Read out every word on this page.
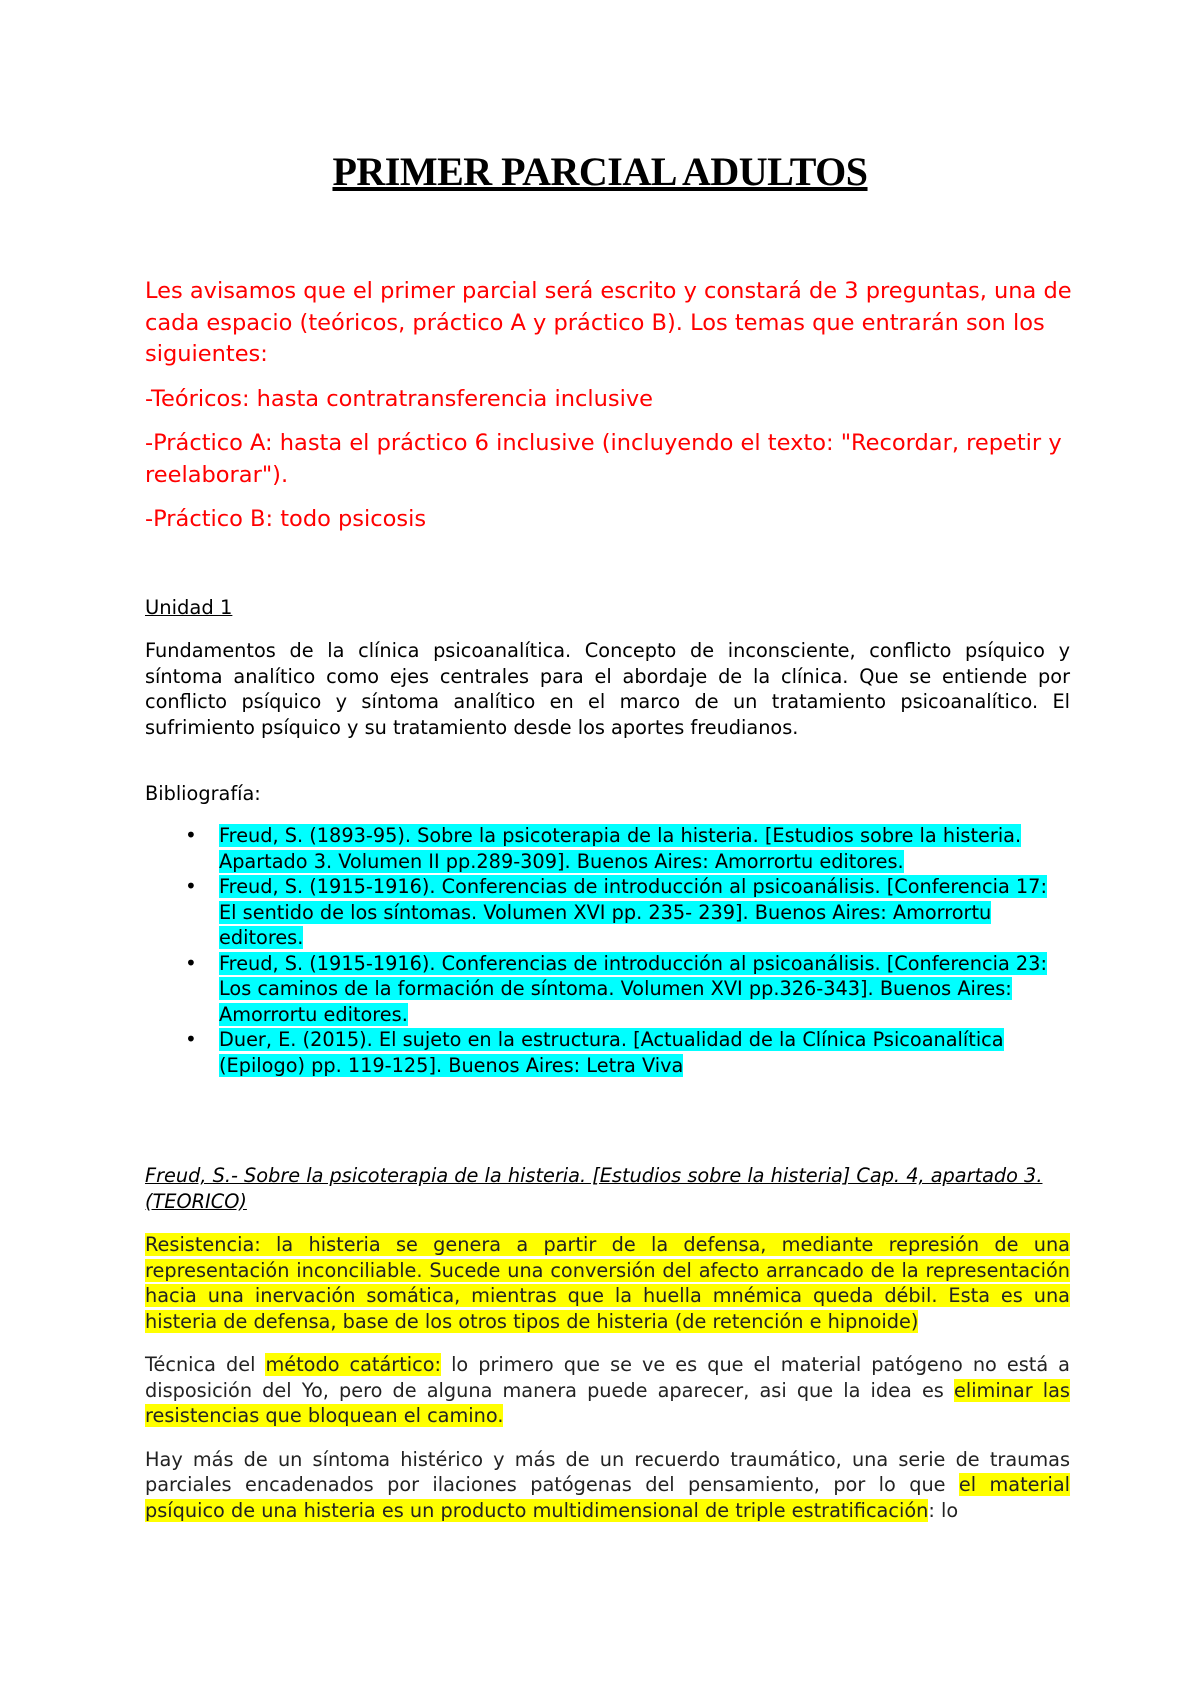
PRIMER PARCIAL ADULTOS

Les avisamos que el primer parcial será escrito y constará de 3 preguntas, una de cada espacio (teóricos, práctico A y práctico B). Los temas que entrarán son los siguientes:

-Teóricos: hasta contratransferencia inclusive

-Práctico A: hasta el práctico 6 inclusive (incluyendo el texto: "Recordar, repetir y reelaborar").

-Práctico B: todo psicosis

Unidad 1
Fundamentos de la clínica psicoanalítica. Concepto de inconsciente, conflicto psíquico y síntoma analítico como ejes centrales para el abordaje de la clínica. Que se entiende por conflicto psíquico y síntoma analítico en el marco de un tratamiento psicoanalítico. El sufrimiento psíquico y su tratamiento desde los aportes freudianos.
Bibliografía:
• Freud, S. (1893-95). Sobre la psicoterapia de la histeria. [Estudios sobre la histeria. Apartado 3. Volumen II pp.289-309]. Buenos Aires: Amorrortu editores.
• Freud, S. (1915-1916). Conferencias de introducción al psicoanálisis. [Conferencia 17: El sentido de los síntomas. Volumen XVI pp. 235- 239]. Buenos Aires: Amorrortu editores.
• Freud, S. (1915-1916). Conferencias de introducción al psicoanálisis. [Conferencia 23: Los caminos de la formación de síntoma. Volumen XVI pp.326-343]. Buenos Aires: Amorrortu editores.
• Duer, E. (2015). El sujeto en la estructura. [Actualidad de la Clínica Psicoanalítica (Epilogo) pp. 119-125]. Buenos Aires: Letra Viva
Freud, S.- Sobre la psicoterapia de la histeria. [Estudios sobre la histeria] Cap. 4, apartado 3. (TEORICO)

Resistencia: la histeria se genera a partir de la defensa, mediante represión de una representación inconciliable. Sucede una conversión del afecto arrancado de la representación hacia una inervación somática, mientras que la huella mnémica queda débil. Esta es una histeria de defensa, base de los otros tipos de histeria (de retención e hipnoide)

Técnica del método catártico: lo primero que se ve es que el material patógeno no está a disposición del Yo, pero de alguna manera puede aparecer, asi que la idea es eliminar las resistencias que bloquean el camino.

Hay más de un síntoma histérico y más de un recuerdo traumático, una serie de traumas parciales encadenados por ilaciones patógenas del pensamiento, por lo que el material psíquico de una histeria es un producto multidimensional de triple estratificación: lo
